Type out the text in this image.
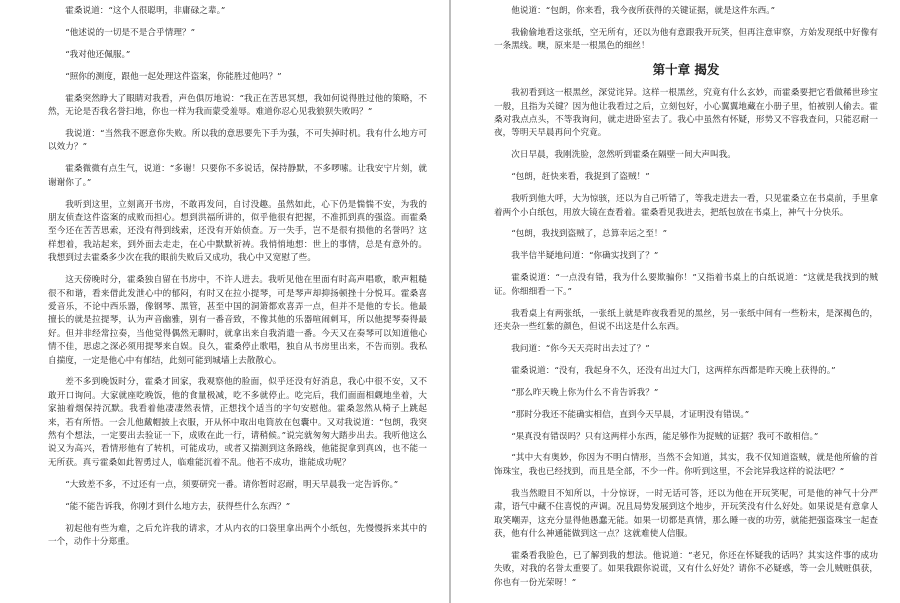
霍桑说道：“这个人很聪明，非庸碌之辈。”

“他述说的一切是不是合乎情理？”

“我对他还佩服。”

“照你的测度，跟他一起处理这件盗案，你能胜过他吗？”

霍桑突然睁大了眼睛对我看，声色俱厉地说：“我正在苦思冥想，我如何说得胜过他的策略，不然，无论是否我名誉扫地，你也一样为我而蒙受羞辱。难道你忍心见我狼狈失败吗？”

我说道：“当然我不愿意你失败。所以我的意思要先下手为强，不可失掉时机。我有什么地方可以效力？”

霍桑微微有点生气，说道：“多谢！只要你不多说话，保持静默，不多啰嗦。让我安宁片刻，就谢谢你了。”

我听到这里，立刻离开书房，不敢再发问，自讨没趣。虽然如此，心下仍是惴惴不安，为我的朋友侦查这件盗案的成败而担心。想到洪福所讲的，似乎他很有把握，不准抓到真的强盗。而霍桑至今还在苦苦思索，还没有得到线索，还没有开始侦查。万一失手，岂不是很有损他的名誉吗？这样想着，我站起来，到外面去走走，在心中默默祈祷。我悄悄地想：世上的事情，总是有意外的。我想到过去霍桑多少次在我的眼前失败后又成功，我心中又宽慰了些。

这天傍晚时分，霍桑独自留在书房中，不许人进去。我听见他在里面有时高声唱歌，歌声粗糙很不和谐，看来借此发泄心中的郁闷，有时又在拉小提琴，可是琴声却抑扬顿挫十分悦耳。霍桑喜爱音乐，不论中西乐器，像钢琴、黑管，甚至中国的洞箫都欢喜弄一点，但并不是他的专长。他最擅长的就是拉提琴，认为声音幽雅，别有一番音致，不像其他的乐器喧闹刺耳，所以他提琴奏得最好。但并非经常拉奏，当他觉得偶然无聊时，就拿出来自我消遣一番。今天又在奏琴可以知道他心情不佳，思虑之深必须用提琴来自娱。良久，霍桑停止歌唱，独自从书房里出来，不告而别。我私自揣度，一定是他心中有郁结，此刻可能到城墙上去散散心。

差不多到晚饭时分，霍桑才回家，我观察他的脸面，似乎还没有好消息，我心中很不安，又不敢开口询问。大家就座吃晚饭，他的食量极减，吃不多就停止。吃完后，我们面面相觑地坐着，大家抽着烟保持沉默。我看着他凄凄然表情，正想找个适当的字句安慰他。霍桑忽然从椅子上跳起来，若有所悟。一会儿他戴帽披上衣服，开从怀中取出电筒放在包囊中。又对我说道：“包朗，我突然有个想法，一定要出去验证一下，成败在此一行，请稍候。”说完就匆匆大踏步出去。我听他这么说又为高兴，看情形他有了转机，可能成功，或者又揣测到这条路线，他能捉拿到真凶，也不能一无所获。真亏霍桑如此智勇过人，临难能沉着不乱。他若不成功，谁能成功呢？

“大致差不多，不过还有一点，须要研究一番。请你暂时忍耐，明天早晨我一定告诉你。”

“能不能告诉我，你刚才到什么地方去，获得些什么东西？”

初起他有些为难，之后允许我的请求，才从内衣的口袋里拿出两个小纸包，先慢慢拆来其中的一个，动作十分郑重。

他说道：“包朗，你来看，我今夜所获得的关键证据，就是这件东西。”

我偷偷地看这张纸，空无所有，还以为他有意跟我开玩笑，但再注意审察，方始发现纸中好像有一条黑线。噢，原来是一根黑色的细丝！

第十章 揭发

我初看到这一根黑丝，深觉诧异。这样一根黑丝，究竟有什么玄妙，而霍桑要把它看做稀世珍宝一般，且指为关键？因为他让我看过之后，立刻包好，小心翼翼地藏在小册子里，怕被别人偷去。霍桑对我点点头，不等我询问，就走进卧室去了。我心中虽然有怀疑，形势又不容我查问，只能忍耐一夜，等明天早晨再问个究竟。

次日早晨，我刚洗脸，忽然听到霍桑在隔壁一间大声叫我。

“包朗，赶快来看，我捉到了盗贼！”

我听到他大呼，大为惊骇，还以为自己听错了，等我走进去一看，只见霍桑立在书桌前，手里拿着两个小白纸包，用放大镜在查看着。霍桑看见我进去，把纸包放在书桌上，神气十分快乐。

“包朗，我找到盗贼了，总算幸运之至！”

我半信半疑地问道：“你确实找到了？”

霍桑说道：“一点没有错，我为什么要欺骗你！”又指着书桌上的白纸说道：“这就是我找到的贼证。你细细看一下。”

我看桌上有两张纸，一张纸上就是昨夜我看见的黑丝，另一张纸中间有一些粉末，是深褐色的，还夹杂一些红紫的颜色，但说不出这是什么东西。

我问道：“你今天天亮时出去过了？”

霍桑说道：“没有，我起身不久，还没有出过大门，这两样东西都是昨天晚上获得的。”

“那么昨天晚上你为什么不肯告诉我？”

“那时分我还不能确实相信，直到今天早晨，才证明没有错误。”

“果真没有错误吗？只有这两样小东西，能足够作为捉贼的证据？我可不敢相信。”

“其中大有奥妙，你因为不明白情形，当然不会知道，其实，我不仅知道盗贼，就是他所偷的首饰珠宝，我也已经找到，而且是全部，不少一件。你听到这里，不会诧异我这样的说法吧？”

我当然瞪目不知所以，十分惊讶，一时无话可答，还以为他在开玩笑呢，可是他的神气十分严肃，语气中藏不住喜悦的声调。况且局势发展到这个地步，开玩笑没有什么好处。如果说是有意拿人取笑嘲弄，这充分显得他愚蠢无能。如果一切都是真情，那么睡一夜的功劳，就能把强盗珠宝一起查获，他有什么神通能做到这一点？这就难使人信服。

霍桑看我脸色，已了解到我的想法。他说道：“老兄，你还在怀疑我的话吗？其实这件事的成功失败，对我的名誉太重要了。如果我跟你说谎，又有什么好处？请你不必疑惑，等一会儿贼赃俱获，你也有一份光荣呀！”
